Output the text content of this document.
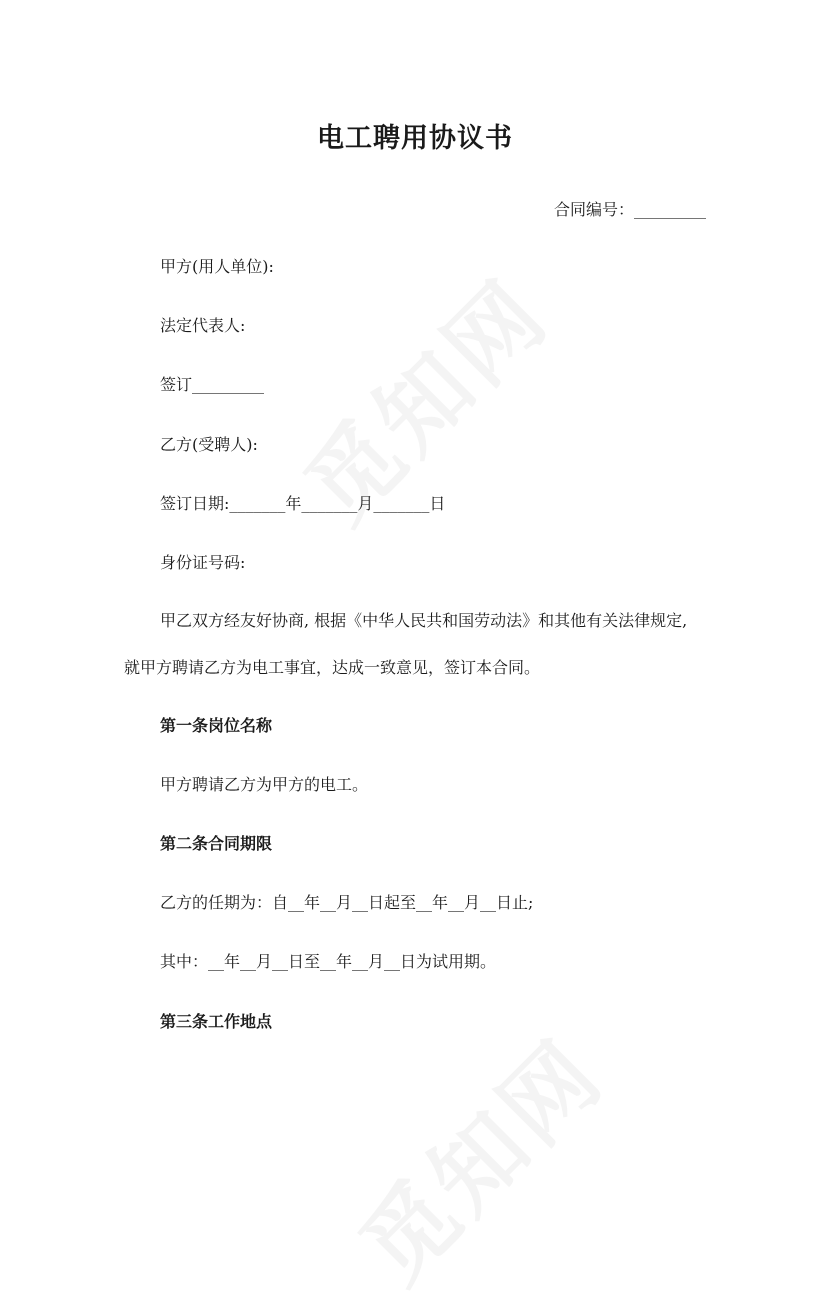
电工聘用协议书
合同编号：_________
甲方(用人单位):
法定代表人:
签订_________
乙方(受聘人):
签订日期:_______年_______月_______日
身份证号码:
甲乙双方经友好协商, 根据《中华人民共和国劳动法》和其他有关法律规定,
就甲方聘请乙方为电工事宜，达成一致意见，签订本合同。
第一条岗位名称
甲方聘请乙方为甲方的电工。
第二条合同期限
乙方的任期为：自__年__月__日起至__年__月__日止;
其中：__年__月__日至__年__月__日为试用期。
第三条工作地点
